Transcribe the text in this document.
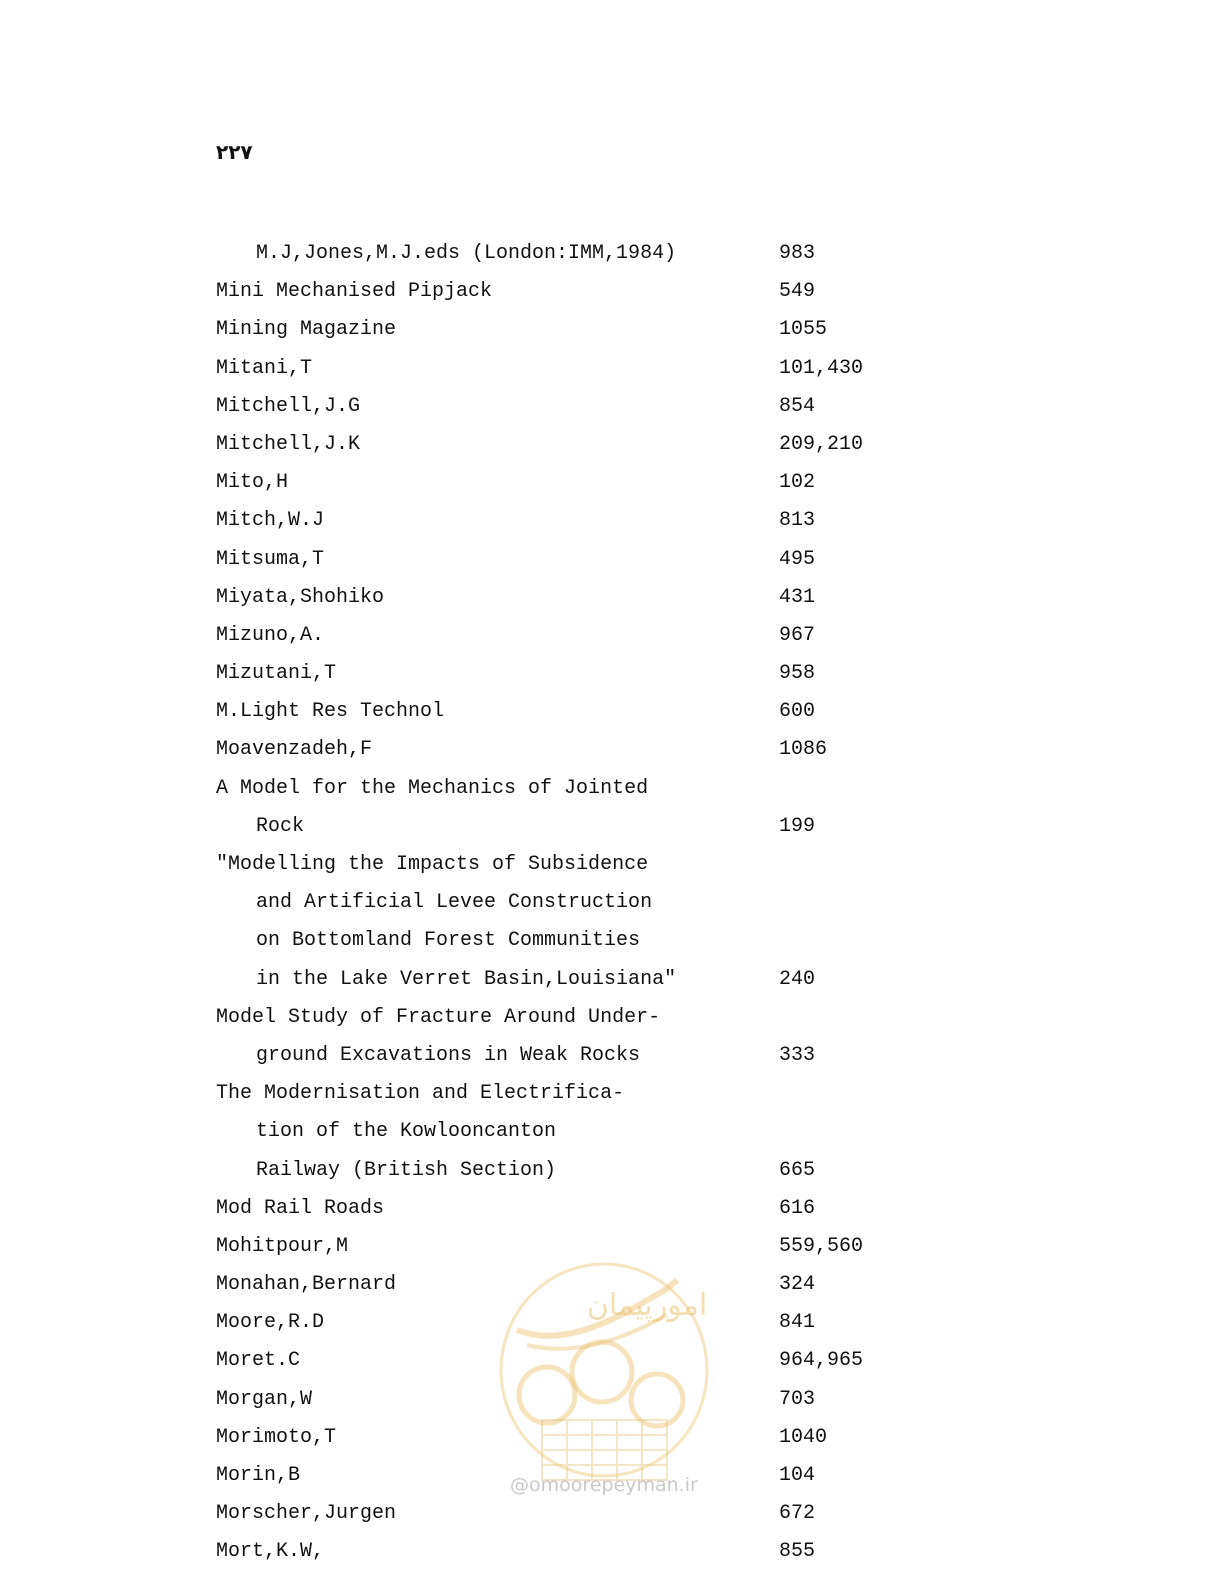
۲۲۷
M.J,Jones,M.J.eds (London:IMM,1984)	983
Mini Mechanised Pipjack	549
Mining Magazine	1055
Mitani,T	101,430
Mitchell,J.G	854
Mitchell,J.K	209,210
Mito,H	102
Mitch,W.J	813
Mitsuma,T	495
Miyata,Shohiko	431
Mizuno,A.	967
Mizutani,T	958
M.Light Res Technol	600
Moavenzadeh,F	1086
A Model for the Mechanics of Jointed
Rock	199
"Modelling the Impacts of Subsidence
and Artificial Levee Construction
on Bottomland Forest Communities
in the Lake Verret Basin,Louisiana"	240
Model Study of Fracture Around Under-
ground Excavations in Weak Rocks	333
The Modernisation and Electrifica-
tion of the Kowlooncanton
Railway (British Section)	665
Mod Rail Roads	616
Mohitpour,M	559,560
Monahan,Bernard	324
Moore,R.D	841
Moret.C	964,965
Morgan,W	703
Morimoto,T	1040
Morin,B	104
Morscher,Jurgen	672
Mort,K.W,	855
امورپیمان
@omoorepeyman.ir
